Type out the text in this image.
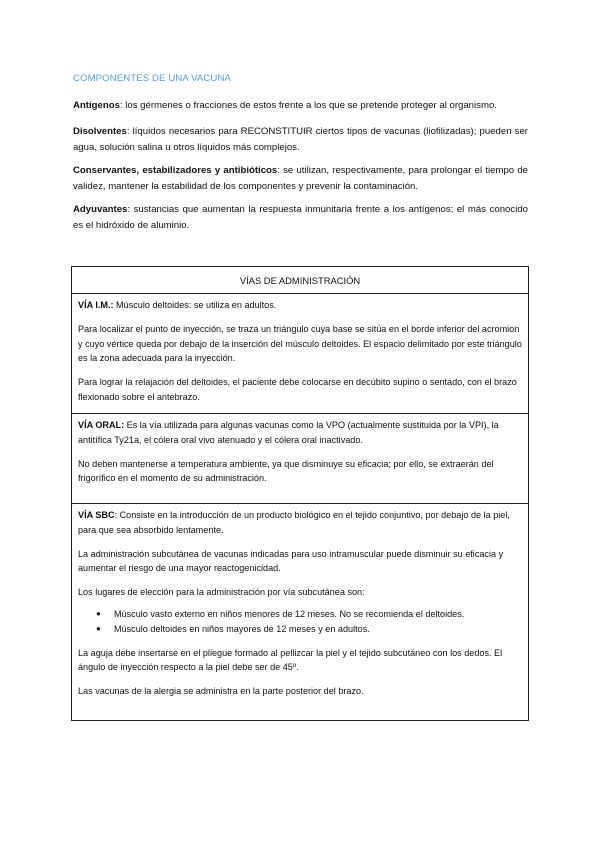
COMPONENTES DE UNA VACUNA
Antígenos: los gérmenes o fracciones de estos frente a los que se pretende proteger al organismo.
Disolventes: líquidos necesarios para RECONSTITUIR ciertos tipos de vacunas (liofilizadas); pueden ser agua, solución salina u otros líquidos más complejos.
Conservantes, estabilizadores y antibióticos: se utilizan, respectivamente, para prolongar el tiempo de validez, mantener la estabilidad de los componentes y prevenir la contaminación.
Adyuvantes: sustancias que aumentan la respuesta inmunitaria frente a los antígenos; el más conocido es el hidróxido de aluminio.
VÍAS DE ADMINISTRACIÓN

VÍA I.M.: Músculo deltoides: se utiliza en adultos.

Para localizar el punto de inyección, se traza un triángulo cuya base se sitúa en el borde inferior del acromion y cuyo vértice queda por debajo de la inserción del músculo deltoides. El espacio delimitado por este triángulo es la zona adecuada para la inyección.

Para lograr la relajación del deltoides, el paciente debe colocarse en decúbito supino o sentado, con el brazo flexionado sobre el antebrazo.

VÍA ORAL: Es la vía utilizada para algunas vacunas como la VPO (actualmente sustituida por la VPI), la antitífica Ty21a, el cólera oral vivo atenuado y el cólera oral inactivado.

No deben mantenerse a temperatura ambiente, ya que disminuye su eficacia; por ello, se extraerán del frigorífico en el momento de su administración.

VÍA SBC: Consiste en la introducción de un producto biológico en el tejido conjuntivo, por debajo de la piel, para que sea absorbido lentamente.

La administración subcutánea de vacunas indicadas para uso intramuscular puede disminuir su eficacia y aumentar el riesgo de una mayor reactogenicidad.

Los lugares de elección para la administración por vía subcutánea son:

● Músculo vasto externo en niños menores de 12 meses. No se recomienda el deltoides.
● Músculo deltoides en niños mayores de 12 meses y en adultos.

La aguja debe insertarse en el pliegue formado al pellizcar la piel y el tejido subcutáneo con los dedos. El ángulo de inyección respecto a la piel debe ser de 45º.

Las vacunas de la alergia se administra en la parte posterior del brazo.
